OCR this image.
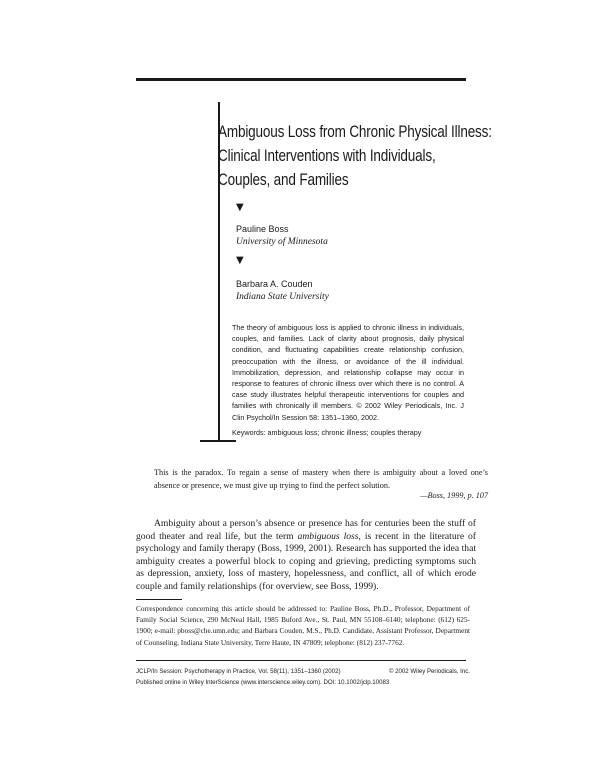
Ambiguous Loss from Chronic Physical Illness:
Clinical Interventions with Individuals,
Couples, and Families
▼
Pauline Boss
University of Minnesota
▼
Barbara A. Couden
Indiana State University
The theory of ambiguous loss is applied to chronic illness in individuals, couples, and families. Lack of clarity about prognosis, daily physical condition, and fluctuating capabilities create relationship confusion, preoccupation with the illness, or avoidance of the ill individual. Immobilization, depression, and relationship collapse may occur in response to features of chronic illness over which there is no control. A case study illustrates helpful therapeutic interventions for couples and families with chronically ill members. © 2002 Wiley Periodicals, Inc. J Clin Psychol/In Session 58: 1351–1360, 2002.
Keywords: ambiguous loss; chronic illness; couples therapy
This is the paradox. To regain a sense of mastery when there is ambiguity about a loved one’s absence or presence, we must give up trying to find the perfect solution.
—Boss, 1999, p. 107
Ambiguity about a person’s absence or presence has for centuries been the stuff of good theater and real life, but the term ambiguous loss, is recent in the literature of psychology and family therapy (Boss, 1999, 2001). Research has supported the idea that ambiguity creates a powerful block to coping and grieving, predicting symptoms such as depression, anxiety, loss of mastery, hopelessness, and conflict, all of which erode couple and family relationships (for overview, see Boss, 1999).
Correspondence concerning this article should be addressed to: Pauline Boss, Ph.D., Professor, Department of Family Social Science, 290 McNeal Hall, 1985 Buford Ave., St. Paul, MN 55108–6140; telephone: (612) 625-1900; e-mail: pboss@che.umn.edu; and Barbara Couden, M.S., Ph.D. Candidate, Assistant Professor, Department of Counseling, Indiana State University, Terre Haute, IN 47809; telephone: (812) 237-7762.
JCLP/In Session: Psychotherapy in Practice, Vol. 58(11), 1351–1360 (2002)	© 2002 Wiley Periodicals, Inc.
Published online in Wiley InterScience (www.interscience.wiley.com). DOI: 10.1002/jclp.10083
